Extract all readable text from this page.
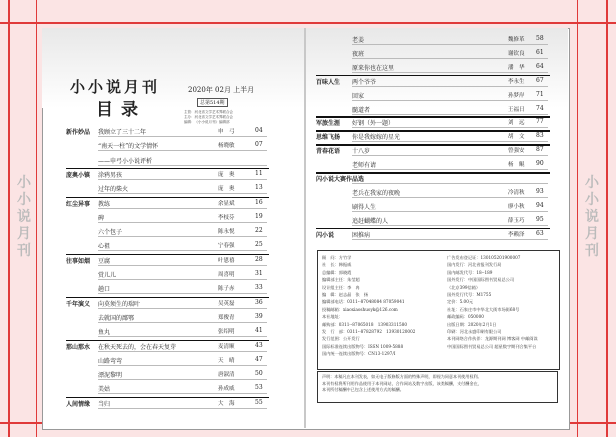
小小说月刊
小小说月刊
小小说月刊
目录
2020年 02月 上半月
总第514期
主管：河北省文学艺术界联合会
主办：河北省文学艺术界联合会
编辑：《小小说月刊》编辑部
新作妙品 我顾立了三十二年	申　弓	04
“南天一柱”的文学情怀	杨晓敏	07
——申弓小小说评析
庞奥小镇 涂鸦男孩	庞　奥	11
过年的柴火	庞　奥	13
红尘异事 教练	余显斌	16
碑	李枝芬	19
六个包子	陈永悦	22
心祖	宁春强	25
往事如烟 豆腐	叶恩禧	28
赏儿儿	周喜明	31
趟口	陈子赤	33
千年演义 向莫须生的瑞叶	吴英磊	36
去就国的鄙鄂	郑俊青	39
鱼丸	张绍明	41
那山那水 在秋天死去的，会在春天复芽	麦清顺	43
山路弯弯	天　晴	47
漂泥黎明	唐淑清	50
美姑	孙成威	53
人间情缘 当归	大　海	55
老姜	魏修革 58
夜班	谢钦良 61
原来你也在这里	潘　华 64
百味人生 两个爷爷	李永生 67
回家	孙梦岸 71
髓道者	王福日 74
军旅生涯 好钢（外一题）	刘　远 77
思维飞扬 你是我嫁嫁的星光	胡　文 83
青春花语 十八岁	曾强安 87
老师有请	杨　鲲 90
闪小说大赛作品选
老兵在我家的夜晚	冷清秋 93
刷得人生	廖小秋 94
追赶蝴蝶的人	薛玉巧 95
闪小说	困推病	李赖泽 63
顾　问：方竹学
社　长：韩振威
总编辑：郭晓霞
编辑部主任：朱莹超
设计组主任：李　冉
编　辑：赵志晶　张　扬
编辑部电话：0311--87048084 87059041
投稿邮箱：xiaoxiaoshuoyk@126.com
本社地址：
邮购部：0311--87065018　13903311580
发　行　部：0311--87828792　13930120002
发行范围：公开发行
国际标准连续出版物号：ISSN 1009-5888
国内统一连续出版物号：CN13-1297/I
广告发布登记证：130105201900007
国内发行：河北省报刊发行局
国内邮发代号：18--189
国外发行：中国国际图书贸易总公司
（北京399信箱）
国外发行代号：M1755
定价：5.00元
社址：石家庄市中华北大街市场街68号
邮政编码：050000
出版日期：2020年2月1日
印刷：河北永盛印刷有限公司
本刊网络合作伙伴：龙源期刊网 博客网 中邮阅读
中国国际图书贸易总公司 超星数字期刊合集平台
声明：本稿凡在本刊发表，如无电子版修版方面的特殊声明，即视为同意本刊使用权利。
本刊有权将所刊用作品使用于本刊网站，合作网站及数字出版，该类稿酬，支付酬金在，
本刊所付稿酬中已包含上述使用方式的稿酬。
